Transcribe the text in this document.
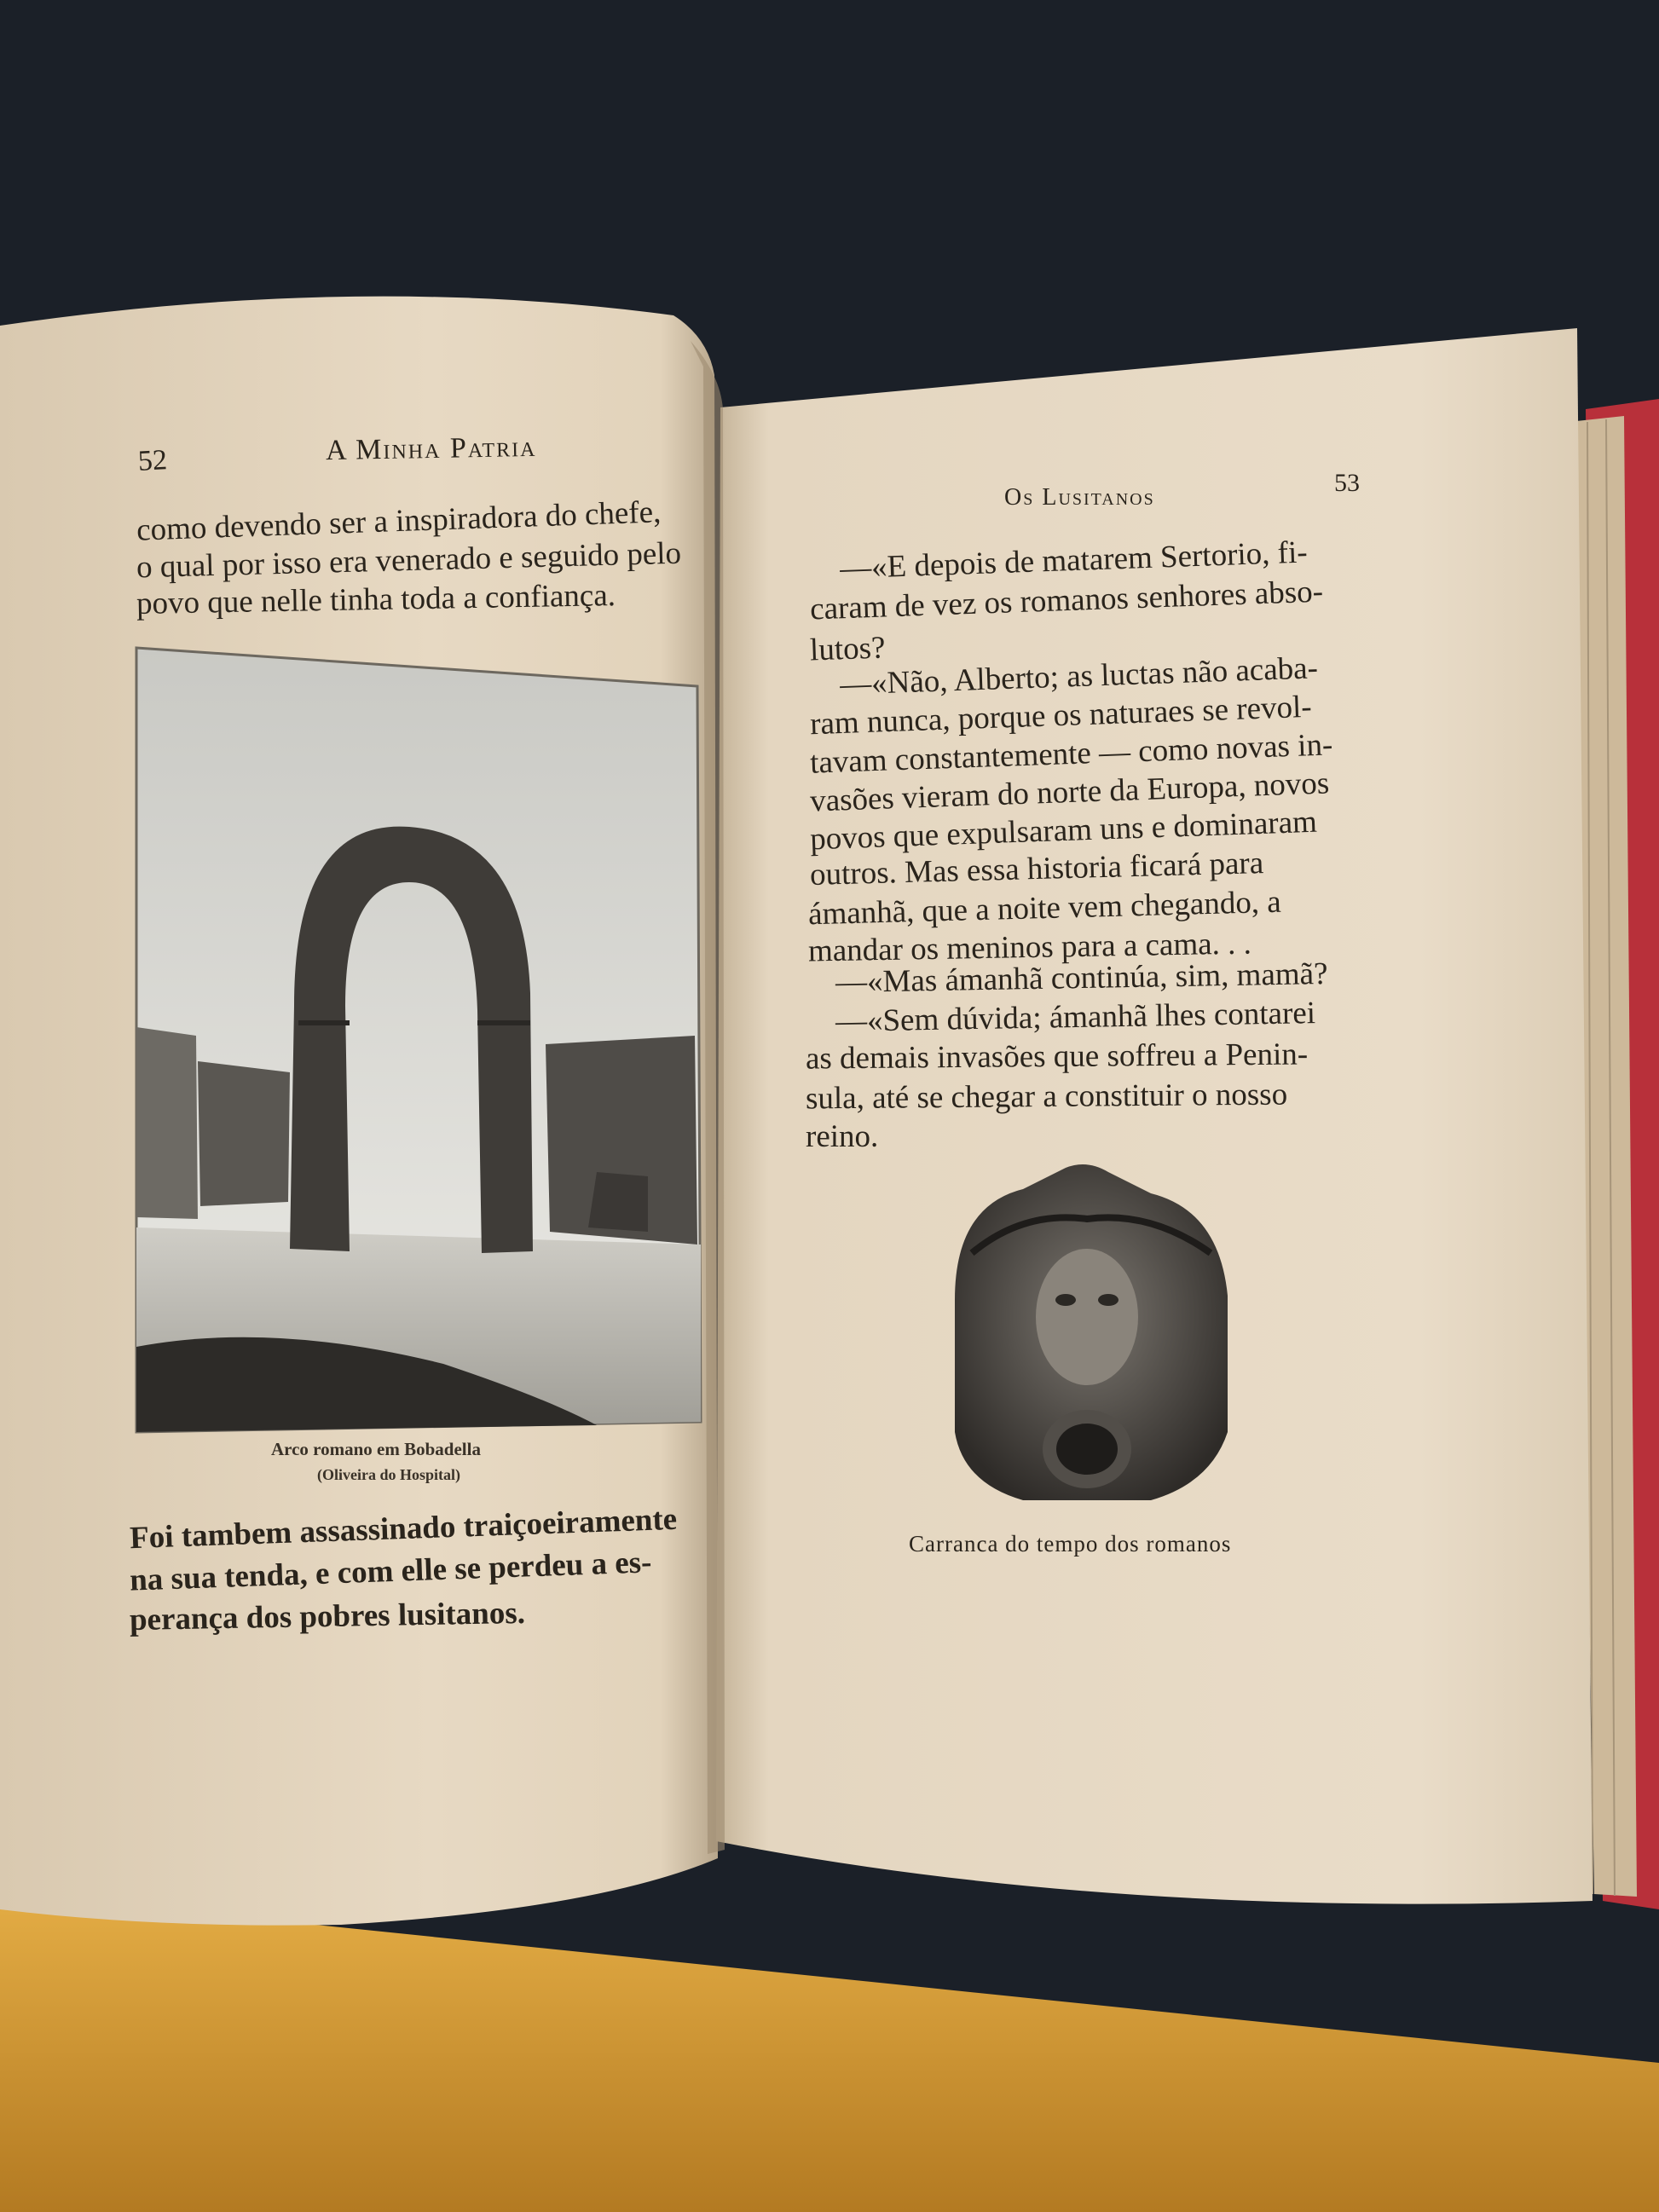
52	A Minha Patria
como devendo ser a inspiradora do chefe,
o qual por isso era venerado e seguido pelo
povo que nelle tinha toda a confiança.
Arco romano em Bobadella
(Oliveira do Hospital)
Foi tambem assassinado traiçoeiramente
na sua tenda, e com elle se perdeu a es-
perança dos pobres lusitanos.
Os Lusitanos
53
—«E depois de matarem Sertorio, fi-
caram de vez os romanos senhores abso-
lutos?
—«Não, Alberto; as luctas não acaba-
ram nunca, porque os naturaes se revol-
tavam constantemente — como novas in-
vasões vieram do norte da Europa, novos
povos que expulsaram uns e dominaram
outros. Mas essa historia ficará para
ámanhã, que a noite vem chegando, a
mandar os meninos para a cama. . .
—«Mas ámanhã continúa, sim, mamã?
—«Sem dúvida; ámanhã lhes contarei
as demais invasões que soffreu a Penin-
sula, até se chegar a constituir o nosso
reino.
Carranca do tempo dos romanos
